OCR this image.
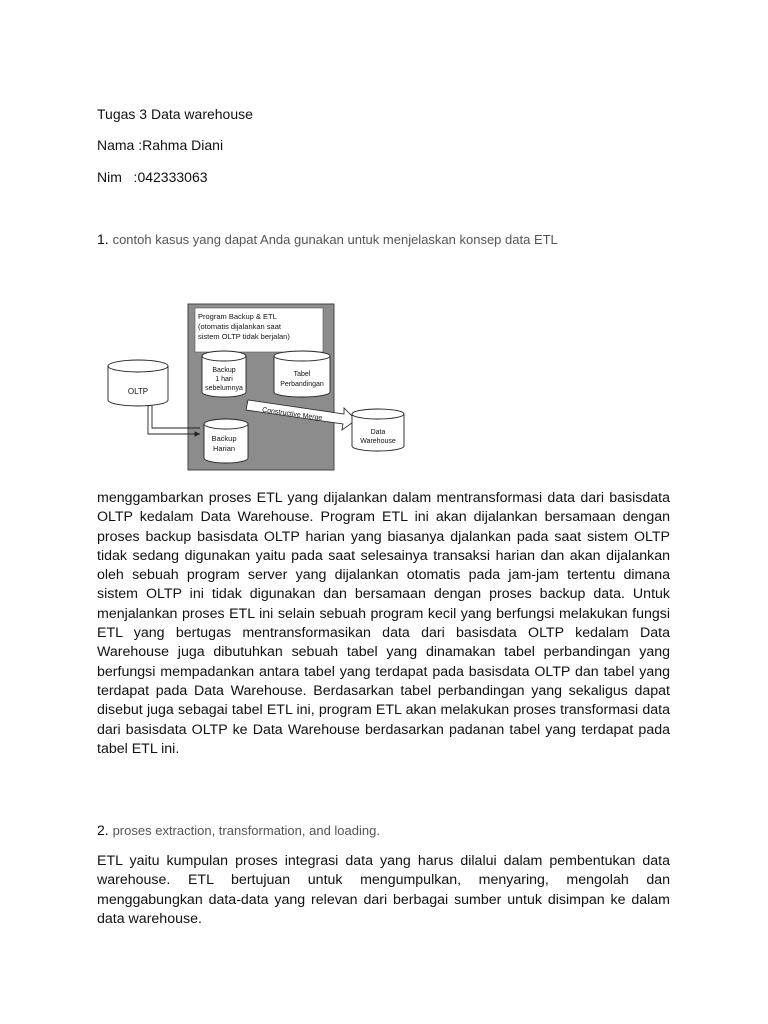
Tugas 3 Data warehouse
Nama :Rahma Diani
Nim   :042333063
1. contoh kasus yang dapat Anda gunakan untuk menjelaskan konsep data ETL
Program Backup & ETL
(otomatis dijalankan saat
sistem OLTP tidak berjalan)
OLTP
Backup
1 hari
sebelumnya
Tabel
Perbandingan
Constructive Merge
Backup
Harian
Data
Warehouse

menggambarkan proses ETL yang dijalankan dalam mentransformasi data dari basisdata OLTP kedalam Data Warehouse. Program ETL ini akan dijalankan bersamaan dengan proses backup basisdata OLTP harian yang biasanya djalankan pada saat sistem OLTP tidak sedang digunakan yaitu pada saat selesainya transaksi harian dan akan dijalankan oleh sebuah program server yang dijalankan otomatis pada jam-jam tertentu dimana sistem OLTP ini tidak digunakan dan bersamaan dengan proses backup data. Untuk menjalankan proses ETL ini selain sebuah program kecil yang berfungsi melakukan fungsi ETL yang bertugas mentransformasikan data dari basisdata OLTP kedalam Data Warehouse juga dibutuhkan sebuah tabel yang dinamakan tabel perbandingan yang berfungsi mempadankan antara tabel yang terdapat pada basisdata OLTP dan tabel yang terdapat pada Data Warehouse. Berdasarkan tabel perbandingan yang sekaligus dapat disebut juga sebagai tabel ETL ini, program ETL akan melakukan proses transformasi data dari basisdata OLTP ke Data Warehouse berdasarkan padanan tabel yang terdapat pada tabel ETL ini.

2. proses extraction, transformation, and loading.

ETL yaitu kumpulan proses integrasi data yang harus dilalui dalam pembentukan data warehouse. ETL bertujuan untuk mengumpulkan, menyaring, mengolah dan menggabungkan data-data yang relevan dari berbagai sumber untuk disimpan ke dalam data warehouse.
